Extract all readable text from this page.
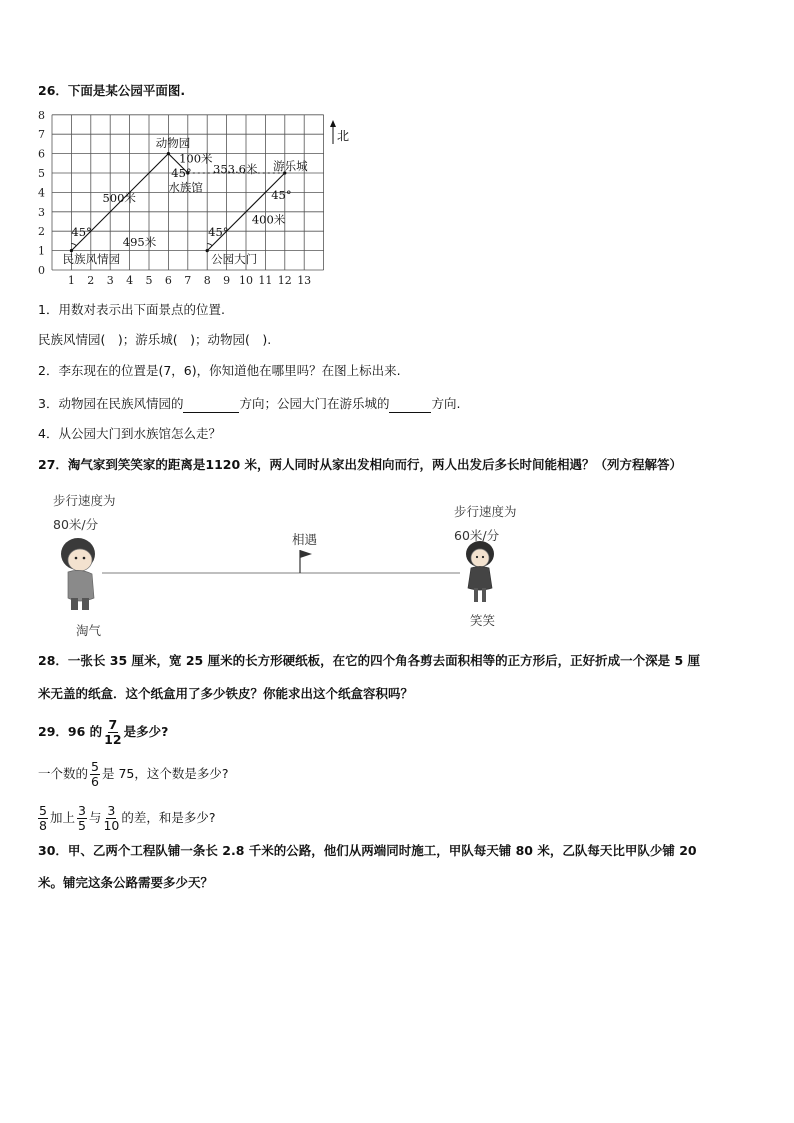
26．下面是某公园平面图.
0
1
2
3
4
5
6
7
8
1 2 3 4 5 6 7 8 9 10 11 12 13
动物园
100米
45°
水族馆
353.6米 游乐城
45°
500米
400米
45°	45°
495米
民族风情园	公园大门
北
1．用数对表示出下面景点的位置.
民族风情园(　)；游乐城(　)；动物园(　).
2．李东现在的位置是(7，6)，你知道他在哪里吗？在图上标出来.
3．动物园在民族风情园的	方向；公园大门在游乐城的	方向.
4．从公园大门到水族馆怎么走？
27．淘气家到笑笑家的距离是1120 米，两人同时从家出发相向而行，两人出发后多长时间能相遇？（列方程解答）
步行速度为
80米/分
步行速度为
60米/分
相遇
淘气
笑笑
28．一张长 35 厘米，宽 25 厘米的长方形硬纸板，在它的四个角各剪去面积相等的正方形后，正好折成一个深是 5 厘
米无盖的纸盒．这个纸盒用了多少铁皮？你能求出这个纸盒容积吗？
29．96 的 $\frac{7}{12}$ 是多少?
一个数的 $\frac{5}{6}$ 是 75，这个数是多少?
$\frac{5}{8}$ 加上 $\frac{3}{5}$ 与 $\frac{3}{10}$ 的差，和是多少?
30．甲、乙两个工程队铺一条长 2.8 千米的公路，他们从两端同时施工，甲队每天铺 80 米，乙队每天比甲队少铺 20
米。铺完这条公路需要多少天？
